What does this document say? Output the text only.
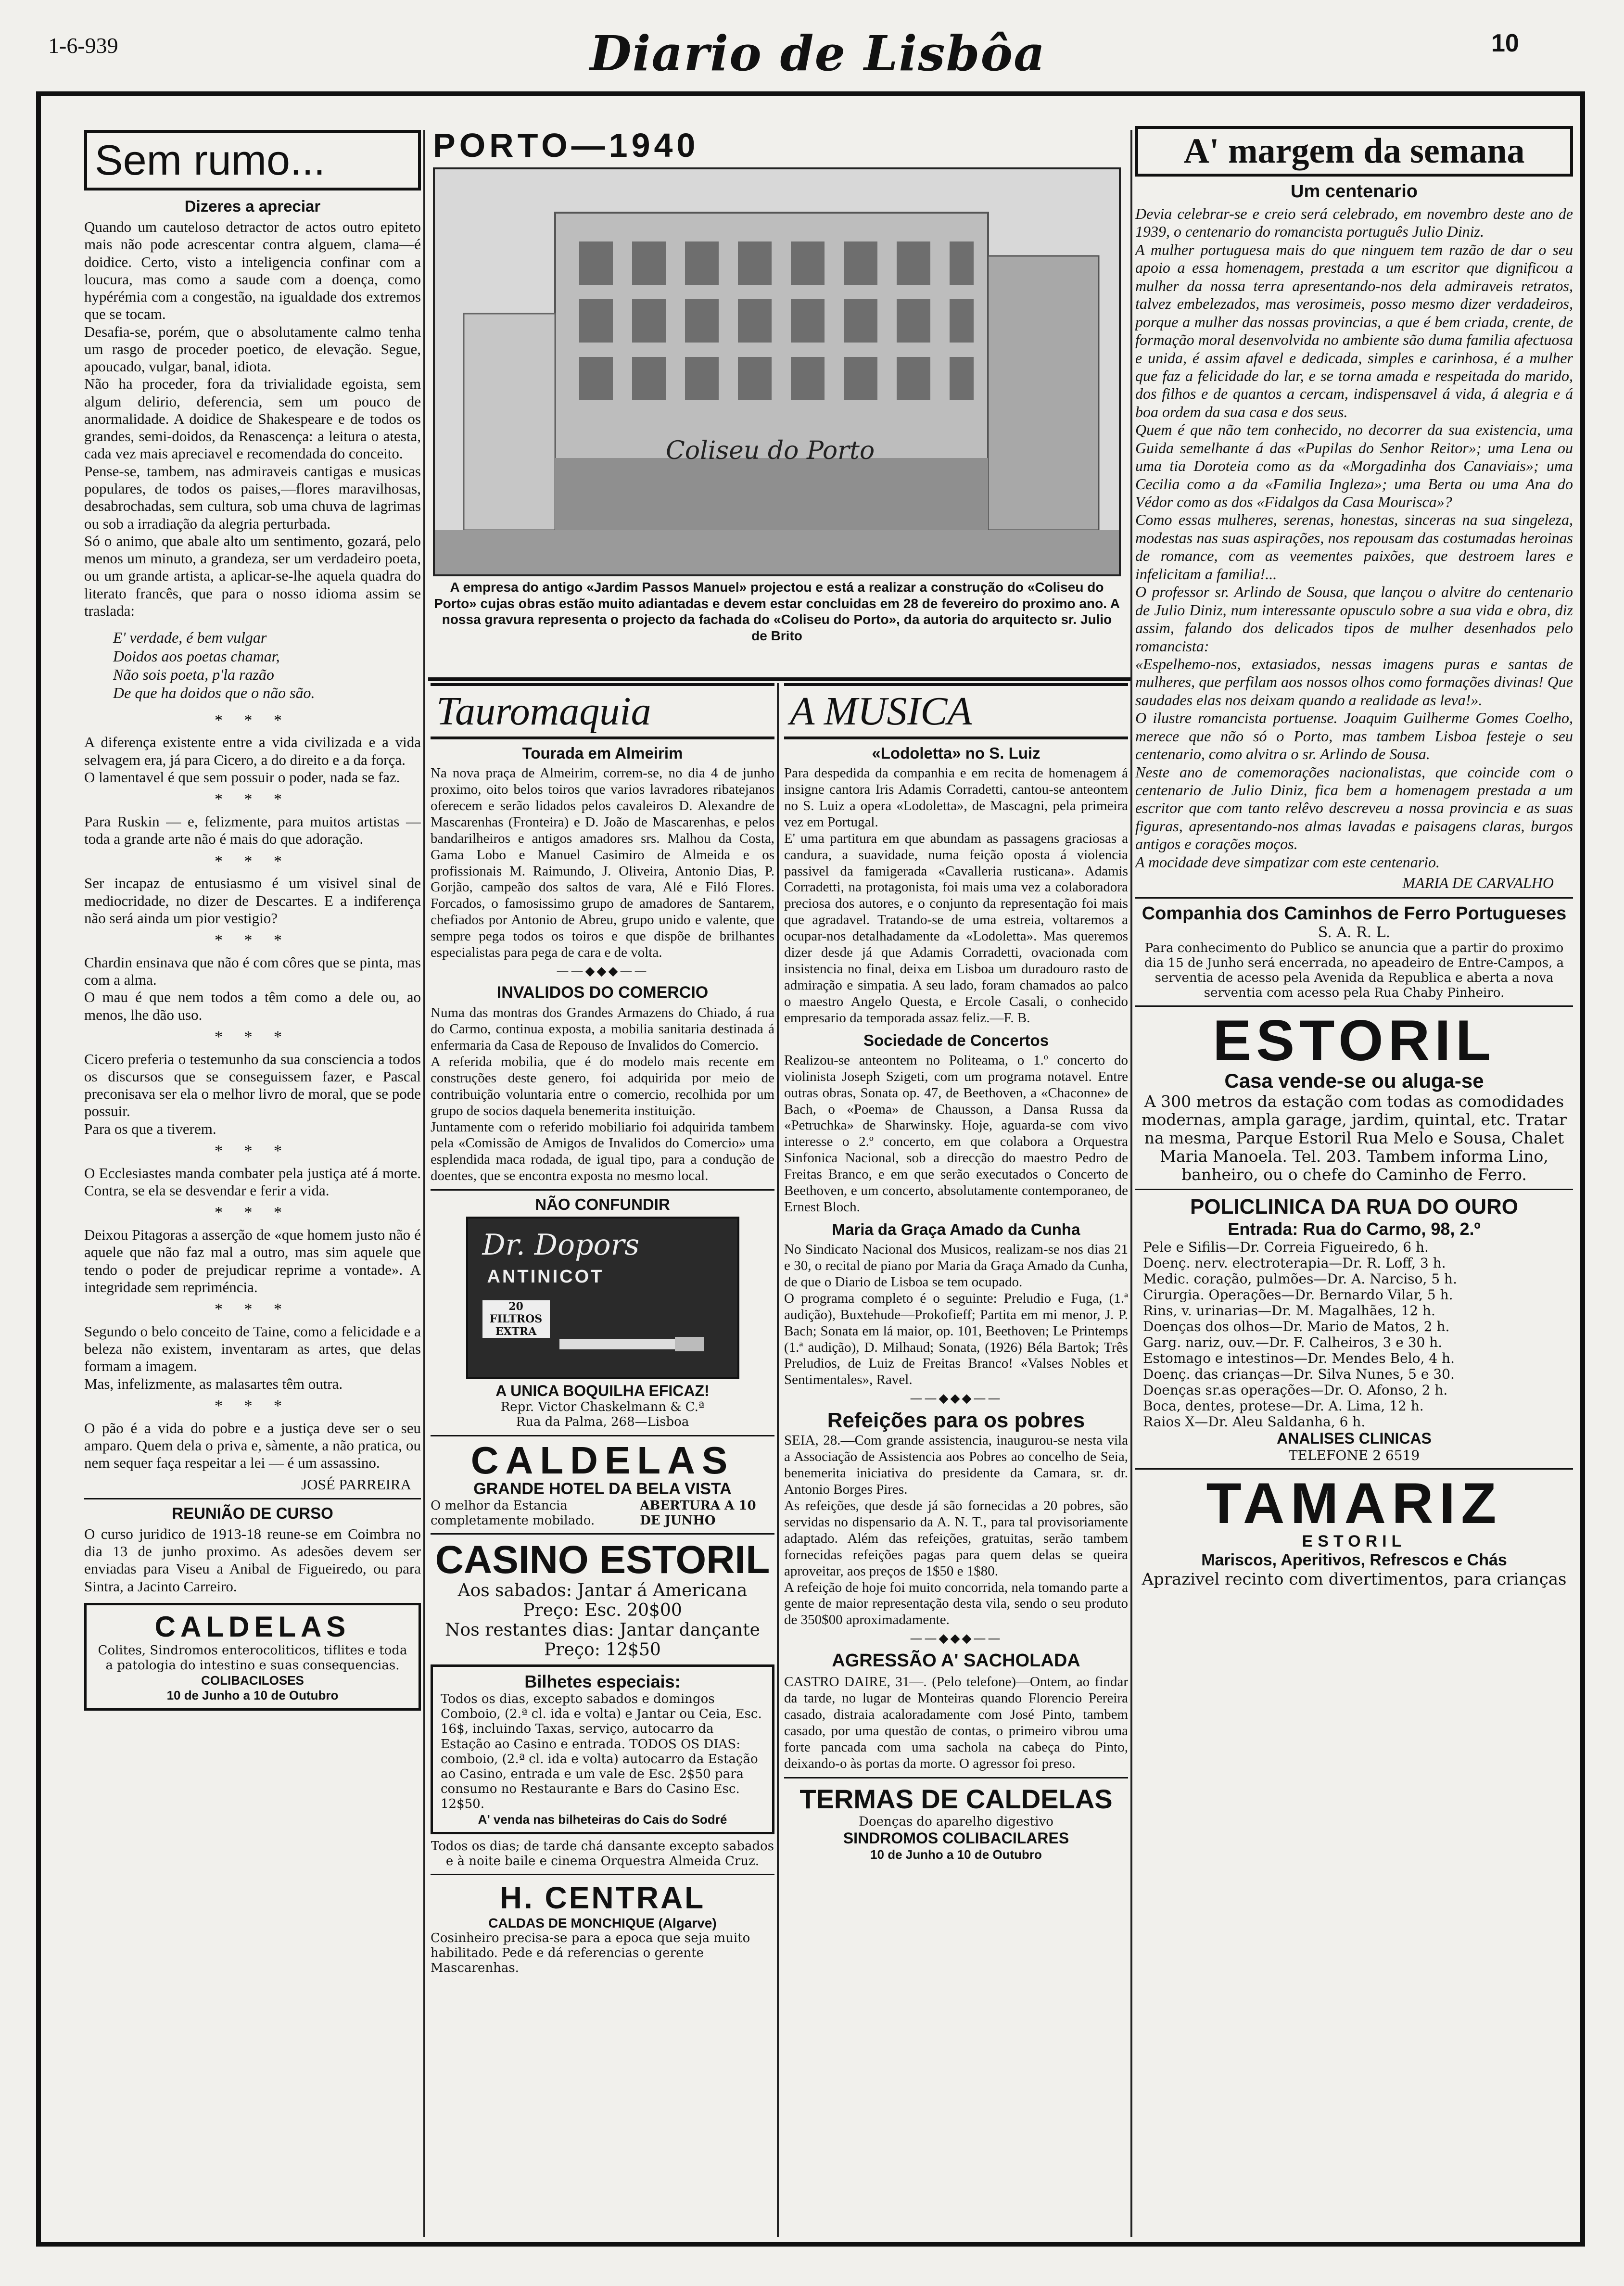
1-6-939	Diario de Lisbôa	10
Sem rumo...
Dizeres a apreciar

Quando um cauteloso detractor de actos outro epiteto mais não pode acrescentar contra alguem, clama—é doidice. Certo, visto a inteligencia confinar com a loucura, mas como a saude com a doença, como hypérémia com a congestão, na igualdade dos extremos que se tocam.

Desafia-se, porém, que o absolutamente calmo tenha um rasgo de proceder poetico, de elevação. Segue, apoucado, vulgar, banal, idiota.

Não ha proceder, fora da trivialidade egoista, sem algum delirio, deferencia, sem um pouco de anormalidade. A doidice de Shakespeare e de todos os grandes, semi-doidos, da Renascença: a leitura o atesta, cada vez mais apreciavel e recomendada do conceito.

Pense-se, tambem, nas admiraveis cantigas e musicas populares, de todos os paises,—flores maravilhosas, desabrochadas, sem cultura, sob uma chuva de lagrimas ou sob a irradiação da alegria perturbada.

Só o animo, que abale alto um sentimento, gozará, pelo menos um minuto, a grandeza, ser um verdadeiro poeta, ou um grande artista, a aplicar-se-lhe aquela quadra do literato francês, que para o nosso idioma assim se traslada:

E' verdade, é bem vulgar
Doidos aos poetas chamar,
Não sois poeta, p'la razão
De que ha doidos que o não são.
* * *

A diferença existente entre a vida civilizada e a vida selvagem era, já para Cicero, a do direito e a da força.

O lamentavel é que sem possuir o poder, nada se faz.

* * *

Para Ruskin — e, felizmente, para muitos artistas — toda a grande arte não é mais do que adoração.

* * *

Ser incapaz de entusiasmo é um visivel sinal de mediocridade, no dizer de Descartes. E a indiferença não será ainda um pior vestigio?

* * *

Chardin ensinava que não é com côres que se pinta, mas com a alma.

O mau é que nem todos a têm como a dele ou, ao menos, lhe dão uso.

* * *

Cicero preferia o testemunho da sua consciencia a todos os discursos que se conseguissem fazer, e Pascal preconisava ser ela o melhor livro de moral, que se pode possuir.

Para os que a tiverem.

* * *

O Ecclesiastes manda combater pela justiça até á morte. Contra, se ela se desvendar e ferir a vida.

* * *

Deixou Pitagoras a asserção de «que homem justo não é aquele que não faz mal a outro, mas sim aquele que tendo o poder de prejudicar reprime a vontade». A integridade sem repriméncia.

* * *

Segundo o belo conceito de Taine, como a felicidade e a beleza não existem, inventaram as artes, que delas formam a imagem.

Mas, infelizmente, as malasartes têm outra.

* * *

O pão é a vida do pobre e a justiça deve ser o seu amparo. Quem dela o priva e, sàmente, a não pratica, ou nem sequer faça respeitar a lei — é um assassino.

JOSÉ PARREIRA
REUNIÃO DE CURSO
O curso juridico de 1913-18 reune-se em Coimbra no dia 13 de junho proximo. As adesões devem ser enviadas para Viseu a Anibal de Figueiredo, ou para Sintra, a Jacinto Carreiro.
CALDELAS
Colites, Sindromos enterocoliticos, tiflites e toda a patologia do intestino e suas consequencias.
COLIBACILOSES
10 de Junho a 10 de Outubro
PORTO—1940
Coliseu do Porto
A empresa do antigo «Jardim Passos Manuel» projectou e está a realizar a construção do «Coliseu do Porto» cujas obras estão muito adiantadas e devem estar concluidas em 28 de fevereiro do proximo ano. A nossa gravura representa o projecto da fachada do «Coliseu do Porto», da autoria do arquitecto sr. Julio de Brito
Tauromaquia
Tourada em Almeirim
Na nova praça de Almeirim, correm-se, no dia 4 de junho proximo, oito belos toiros que varios lavradores ribatejanos oferecem e serão lidados pelos cavaleiros D. Alexandre de Mascarenhas (Fronteira) e D. João de Mascarenhas, e pelos bandarilheiros e antigos amadores srs. Malhou da Costa, Gama Lobo e Manuel Casimiro de Almeida e os profissionais M. Raimundo, J. Oliveira, Antonio Dias, P. Gorjão, campeão dos saltos de vara, Alé e Filó Flores. Forcados, o famosissimo grupo de amadores de Santarem, chefiados por Antonio de Abreu, grupo unido e valente, que sempre pega todos os toiros e que dispõe de brilhantes especialistas para pega de cara e de volta.
——◆◆◆——
INVALIDOS DO COMERCIO

Numa das montras dos Grandes Armazens do Chiado, á rua do Carmo, continua exposta, a mobilia sanitaria destinada á enfermaria da Casa de Repouso de Invalidos do Comercio.

A referida mobilia, que é do modelo mais recente em construções deste genero, foi adquirida por meio de contribuição voluntaria entre o comercio, recolhida por um grupo de socios daquela benemerita instituição.

Juntamente com o referido mobiliario foi adquirida tambem pela «Comissão de Amigos de Invalidos do Comercio» uma esplendida maca rodada, de igual tipo, para a condução de doentes, que se encontra exposta no mesmo local.

NÃO CONFUNDIR
Dr. Dopors
ANTINICOT
20 FILTROS EXTRA
A UNICA BOQUILHA EFICAZ!
Repr. Victor Chaskelmann & C.ª
Rua da Palma, 268—Lisboa
CALDELAS
GRANDE HOTEL DA BELA VISTA
O melhor da Estancia completamente mobilado.
ABERTURA A 10 DE JUNHO
CASINO ESTORIL
Aos sabados: Jantar á Americana
Preço: Esc. 20$00
Nos restantes dias: Jantar dançante
Preço: 12$50
Bilhetes especiais:
Todos os dias, excepto sabados e domingos Comboio, (2.ª cl. ida e volta) e Jantar ou Ceia, Esc. 16$, incluindo Taxas, serviço, autocarro da Estação ao Casino e entrada. TODOS OS DIAS: comboio, (2.ª cl. ida e volta) autocarro da Estação ao Casino, entrada e um vale de Esc. 2$50 para consumo no Restaurante e Bars do Casino Esc. 12$50.
A' venda nas bilheteiras do Cais do Sodré
Todos os dias; de tarde chá dansante excepto sabados e à noite baile e cinema Orquestra Almeida Cruz.
H. CENTRAL
CALDAS DE MONCHIQUE (Algarve)
Cosinheiro precisa-se para a epoca que seja muito habilitado. Pede e dá referencias o gerente Mascarenhas.
A MUSICA
«Lodoletta» no S. Luiz

Para despedida da companhia e em recita de homenagem á insigne cantora Iris Adamis Corradetti, cantou-se anteontem no S. Luiz a opera «Lodoletta», de Mascagni, pela primeira vez em Portugal.

E' uma partitura em que abundam as passagens graciosas a candura, a suavidade, numa feição oposta á violencia passivel da famigerada «Cavalleria rusticana». Adamis Corradetti, na protagonista, foi mais uma vez a colaboradora preciosa dos autores, e o conjunto da representação foi mais que agradavel. Tratando-se de uma estreia, voltaremos a ocupar-nos detalhadamente da «Lodoletta». Mas queremos dizer desde já que Adamis Corradetti, ovacionada com insistencia no final, deixa em Lisboa um duradouro rasto de admiração e simpatia. A seu lado, foram chamados ao palco o maestro Angelo Questa, e Ercole Casali, o conhecido empresario da temporada assaz feliz.—F. B.

Sociedade de Concertos
Realizou-se anteontem no Politeama, o 1.º concerto do violinista Joseph Szigeti, com um programa notavel. Entre outras obras, Sonata op. 47, de Beethoven, a «Chaconne» de Bach, o «Poema» de Chausson, a Dansa Russa da «Petruchka» de Sharwinsky. Hoje, aguarda-se com vivo interesse o 2.º concerto, em que colabora a Orquestra Sinfonica Nacional, sob a direcção do maestro Pedro de Freitas Branco, e em que serão executados o Concerto de Beethoven, e um concerto, absolutamente contemporaneo, de Ernest Bloch.
Maria da Graça Amado da Cunha

No Sindicato Nacional dos Musicos, realizam-se nos dias 21 e 30, o recital de piano por Maria da Graça Amado da Cunha, de que o Diario de Lisboa se tem ocupado.

O programa completo é o seguinte: Preludio e Fuga, (1.ª audição), Buxtehude—Prokofieff; Partita em mi menor, J. P. Bach; Sonata em lá maior, op. 101, Beethoven; Le Printemps (1.ª audição), D. Milhaud; Sonata, (1926) Béla Bartok; Três Preludios, de Luiz de Freitas Branco! «Valses Nobles et Sentimentales», Ravel.

——◆◆◆——
Refeições para os pobres

SEIA, 28.—Com grande assistencia, inaugurou-se nesta vila a Associação de Assistencia aos Pobres ao concelho de Seia, benemerita iniciativa do presidente da Camara, sr. dr. Antonio Borges Pires.

As refeições, que desde já são fornecidas a 20 pobres, são servidas no dispensario da A. N. T., para tal provisoriamente adaptado. Além das refeições, gratuitas, serão tambem fornecidas refeições pagas para quem delas se queira aproveitar, aos preços de 1$50 e 1$80.

A refeição de hoje foi muito concorrida, nela tomando parte a gente de maior representação desta vila, sendo o seu produto de 350$00 aproximadamente.

——◆◆◆——
AGRESSÃO A' SACHOLADA
CASTRO DAIRE, 31—. (Pelo telefone)—Ontem, ao findar da tarde, no lugar de Monteiras quando Florencio Pereira casado, distraia acaloradamente com José Pinto, tambem casado, por uma questão de contas, o primeiro vibrou uma forte pancada com uma sachola na cabeça do Pinto, deixando-o às portas da morte. O agressor foi preso.
TERMAS DE CALDELAS
Doenças do aparelho digestivo
SINDROMOS COLIBACILARES
10 de Junho a 10 de Outubro
A' margem da semana
Um centenario

Devia celebrar-se e creio será celebrado, em novembro deste ano de 1939, o centenario do romancista português Julio Diniz.

A mulher portuguesa mais do que ninguem tem razão de dar o seu apoio a essa homenagem, prestada a um escritor que dignificou a mulher da nossa terra apresentando-nos dela admiraveis retratos, talvez embelezados, mas verosimeis, posso mesmo dizer verdadeiros, porque a mulher das nossas provincias, a que é bem criada, crente, de formação moral desenvolvida no ambiente são duma familia afectuosa e unida, é assim afavel e dedicada, simples e carinhosa, é a mulher que faz a felicidade do lar, e se torna amada e respeitada do marido, dos filhos e de quantos a cercam, indispensavel á vida, á alegria e á boa ordem da sua casa e dos seus.

Quem é que não tem conhecido, no decorrer da sua existencia, uma Guida semelhante á das «Pupilas do Senhor Reitor»; uma Lena ou uma tia Doroteia como as da «Morgadinha dos Canaviais»; uma Cecilia como a da «Familia Ingleza»; uma Berta ou uma Ana do Védor como as dos «Fidalgos da Casa Mourisca»?

Como essas mulheres, serenas, honestas, sinceras na sua singeleza, modestas nas suas aspirações, nos repousam das costumadas heroinas de romance, com as veementes paixões, que destroem lares e infelicitam a familia!...

O professor sr. Arlindo de Sousa, que lançou o alvitre do centenario de Julio Diniz, num interessante opusculo sobre a sua vida e obra, diz assim, falando dos delicados tipos de mulher desenhados pelo romancista:

«Espelhemo-nos, extasiados, nessas imagens puras e santas de mulheres, que perfilam aos nossos olhos como formações divinas! Que saudades elas nos deixam quando a realidade as leva!».

O ilustre romancista portuense. Joaquim Guilherme Gomes Coelho, merece que não só o Porto, mas tambem Lisboa festeje o seu centenario, como alvitra o sr. Arlindo de Sousa.

Neste ano de comemorações nacionalistas, que coincide com o centenario de Julio Diniz, fica bem a homenagem prestada a um escritor que com tanto relêvo descreveu a nossa provincia e as suas figuras, apresentando-nos almas lavadas e paisagens claras, burgos antigos e corações moços.

A mocidade deve simpatizar com este centenario.

MARIA DE CARVALHO
Companhia dos Caminhos de Ferro Portugueses
S. A. R. L.
Para conhecimento do Publico se anuncia que a partir do proximo dia 15 de Junho será encerrada, no apeadeiro de Entre-Campos, a serventia de acesso pela Avenida da Republica e aberta a nova serventia com acesso pela Rua Chaby Pinheiro.
ESTORIL
Casa vende-se ou aluga-se
A 300 metros da estação com todas as comodidades modernas, ampla garage, jardim, quintal, etc. Tratar na mesma, Parque Estoril Rua Melo e Sousa, Chalet Maria Manoela. Tel. 203. Tambem informa Lino, banheiro, ou o chefe do Caminho de Ferro.
POLICLINICA DA RUA DO OURO
Entrada: Rua do Carmo, 98, 2.º
Pele e Sifilis—Dr. Correia Figueiredo, 6 h.
Doenç. nerv. electroterapia—Dr. R. Loff, 3 h.
Medic. coração, pulmões—Dr. A. Narciso, 5 h.
Cirurgia. Operações—Dr. Bernardo Vilar, 5 h.
Rins, v. urinarias—Dr. M. Magalhães, 12 h.
Doenças dos olhos—Dr. Mario de Matos, 2 h.
Garg. nariz, ouv.—Dr. F. Calheiros, 3 e 30 h.
Estomago e intestinos—Dr. Mendes Belo, 4 h.
Doenç. das crianças—Dr. Silva Nunes, 5 e 30.
Doenças sr.as operações—Dr. O. Afonso, 2 h.
Boca, dentes, protese—Dr. A. Lima, 12 h.
Raios X—Dr. Aleu Saldanha, 6 h.
ANALISES CLINICAS
TELEFONE 2 6519
TAMARIZ
ESTORIL
Mariscos, Aperitivos, Refrescos e Chás
Aprazivel recinto com divertimentos, para crianças
